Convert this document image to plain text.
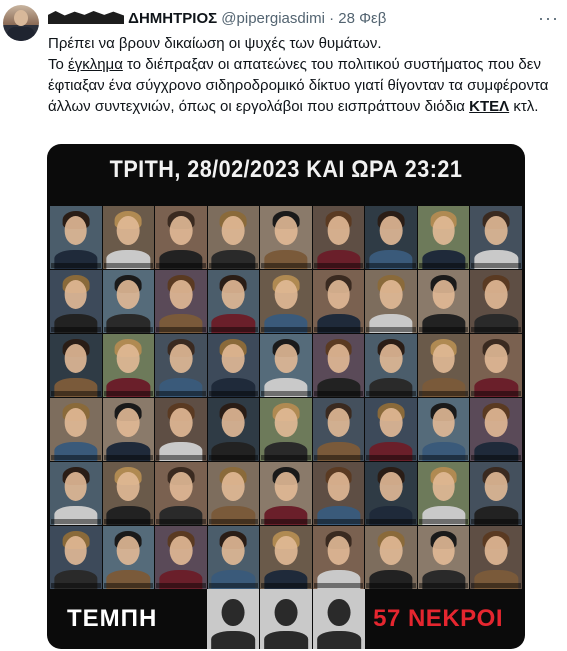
ΔΗΜΗΤΡΙΟΣ @pipergiasdimi · 28 Φεβ	···

Πρέπει να βρουν δικαίωση οι ψυχές των θυμάτων.

Το έγκλημα το διέπραξαν οι απατεώνες του πολιτικού συστήματος που δεν έφτιαξαν ένα σύγχρονο σιδηροδρομικό δίκτυο γιατί θίγονταν τα συμφέροντα άλλων συντεχνιών, όπως οι εργολάβοι που εισπράττουν διόδια ΚΤΕΛ κτλ.

ΤΡΙΤΗ, 28/02/2023 ΚΑΙ ΩΡΑ 23:21

ΤΕΜΠΗ	57 ΝΕΚΡΟΙ
